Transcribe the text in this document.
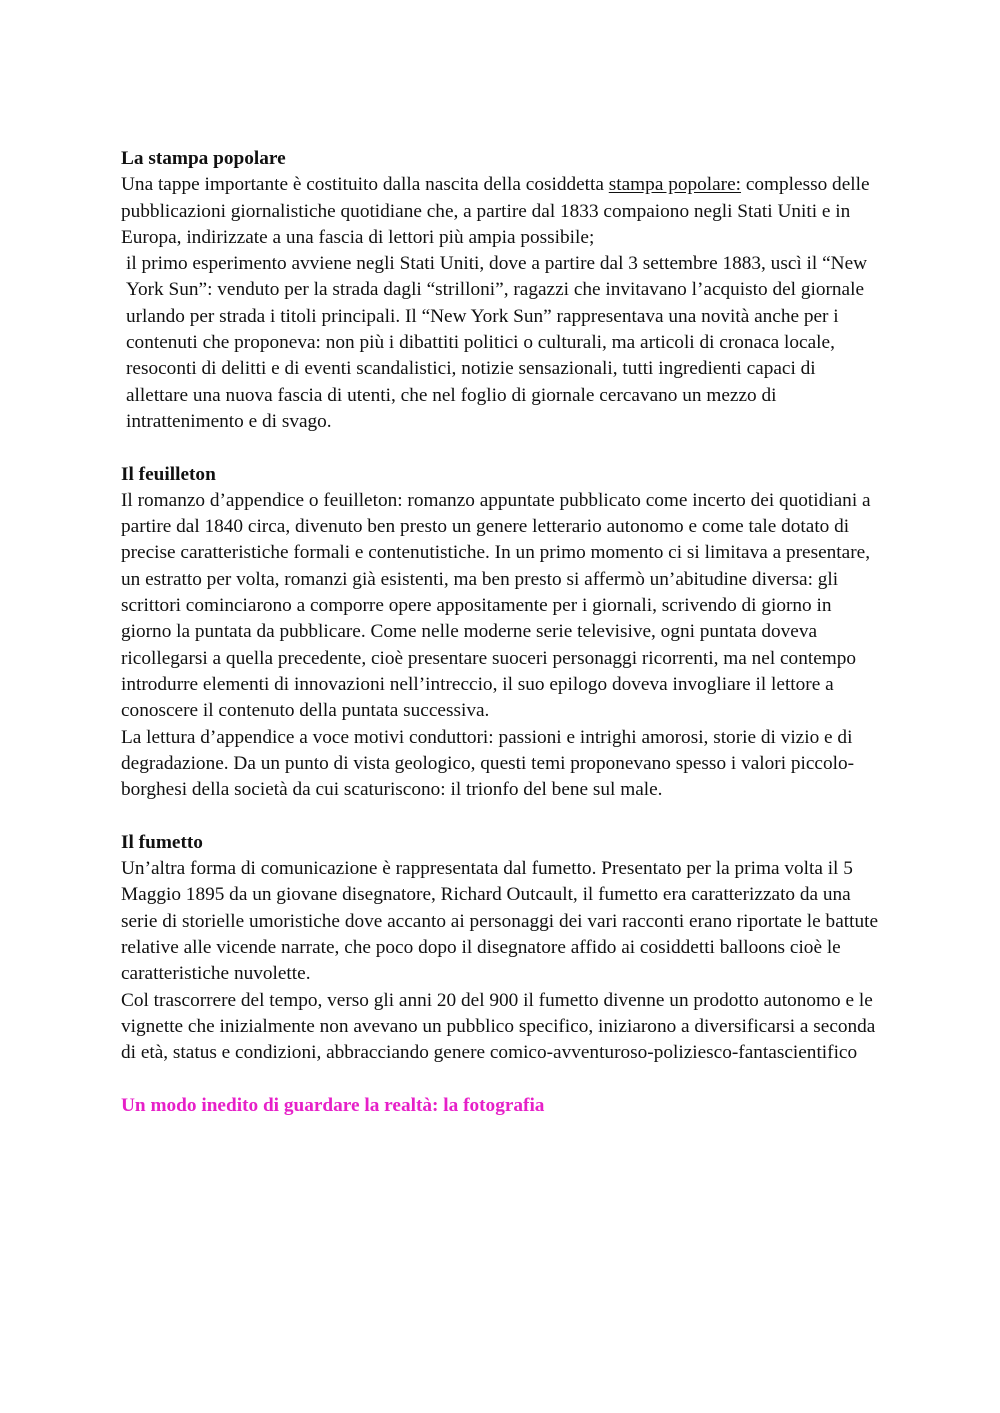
La stampa popolare

Una tappe importante è costituito dalla nascita della cosiddetta stampa popolare: complesso delle pubblicazioni giornalistiche quotidiane che, a partire dal 1833 compaiono negli Stati Uniti e in Europa, indirizzate a una fascia di lettori più ampia possibile;

il primo esperimento avviene negli Stati Uniti, dove a partire dal 3 settembre 1883, uscì il “New York Sun”: venduto per la strada dagli “strilloni”, ragazzi che invitavano l’acquisto del giornale urlando per strada i titoli principali. Il “New York Sun” rappresentava una novità anche per i contenuti che proponeva: non più i dibattiti politici o culturali, ma articoli di cronaca locale, resoconti di delitti e di eventi scandalistici, notizie sensazionali, tutti ingredienti capaci di allettare una nuova fascia di utenti, che nel foglio di giornale cercavano un mezzo di intrattenimento e di svago.

Il feuilleton

Il romanzo d’appendice o feuilleton: romanzo appuntate pubblicato come incerto dei quotidiani a partire dal 1840 circa, divenuto ben presto un genere letterario autonomo e come tale dotato di precise caratteristiche formali e contenutistiche. In un primo momento ci si limitava a presentare, un estratto per volta, romanzi già esistenti, ma ben presto si affermò un’abitudine diversa: gli scrittori cominciarono a comporre opere appositamente per i giornali, scrivendo di giorno in giorno la puntata da pubblicare. Come nelle moderne serie televisive, ogni puntata doveva ricollegarsi a quella precedente, cioè presentare suoceri personaggi ricorrenti, ma nel contempo introdurre elementi di innovazioni nell’intreccio, il suo epilogo doveva invogliare il lettore a conoscere il contenuto della puntata successiva.

La lettura d’appendice a voce motivi conduttori: passioni e intrighi amorosi, storie di vizio e di degradazione. Da un punto di vista geologico, questi temi proponevano spesso i valori piccolo-borghesi della società da cui scaturiscono: il trionfo del bene sul male.

Il fumetto

Un’altra forma di comunicazione è rappresentata dal fumetto. Presentato per la prima volta il 5 Maggio 1895 da un giovane disegnatore, Richard Outcault, il fumetto era caratterizzato da una serie di storielle umoristiche dove accanto ai personaggi dei vari racconti erano riportate le battute relative alle vicende narrate, che poco dopo il disegnatore affido ai cosiddetti balloons cioè le caratteristiche nuvolette.

Col trascorrere del tempo, verso gli anni 20 del 900 il fumetto divenne un prodotto autonomo e le vignette che inizialmente non avevano un pubblico specifico, iniziarono a diversificarsi a seconda di età, status e condizioni, abbracciando genere comico-avventuroso-poliziesco-fantascientifico

Un modo inedito di guardare la realtà: la fotografia
